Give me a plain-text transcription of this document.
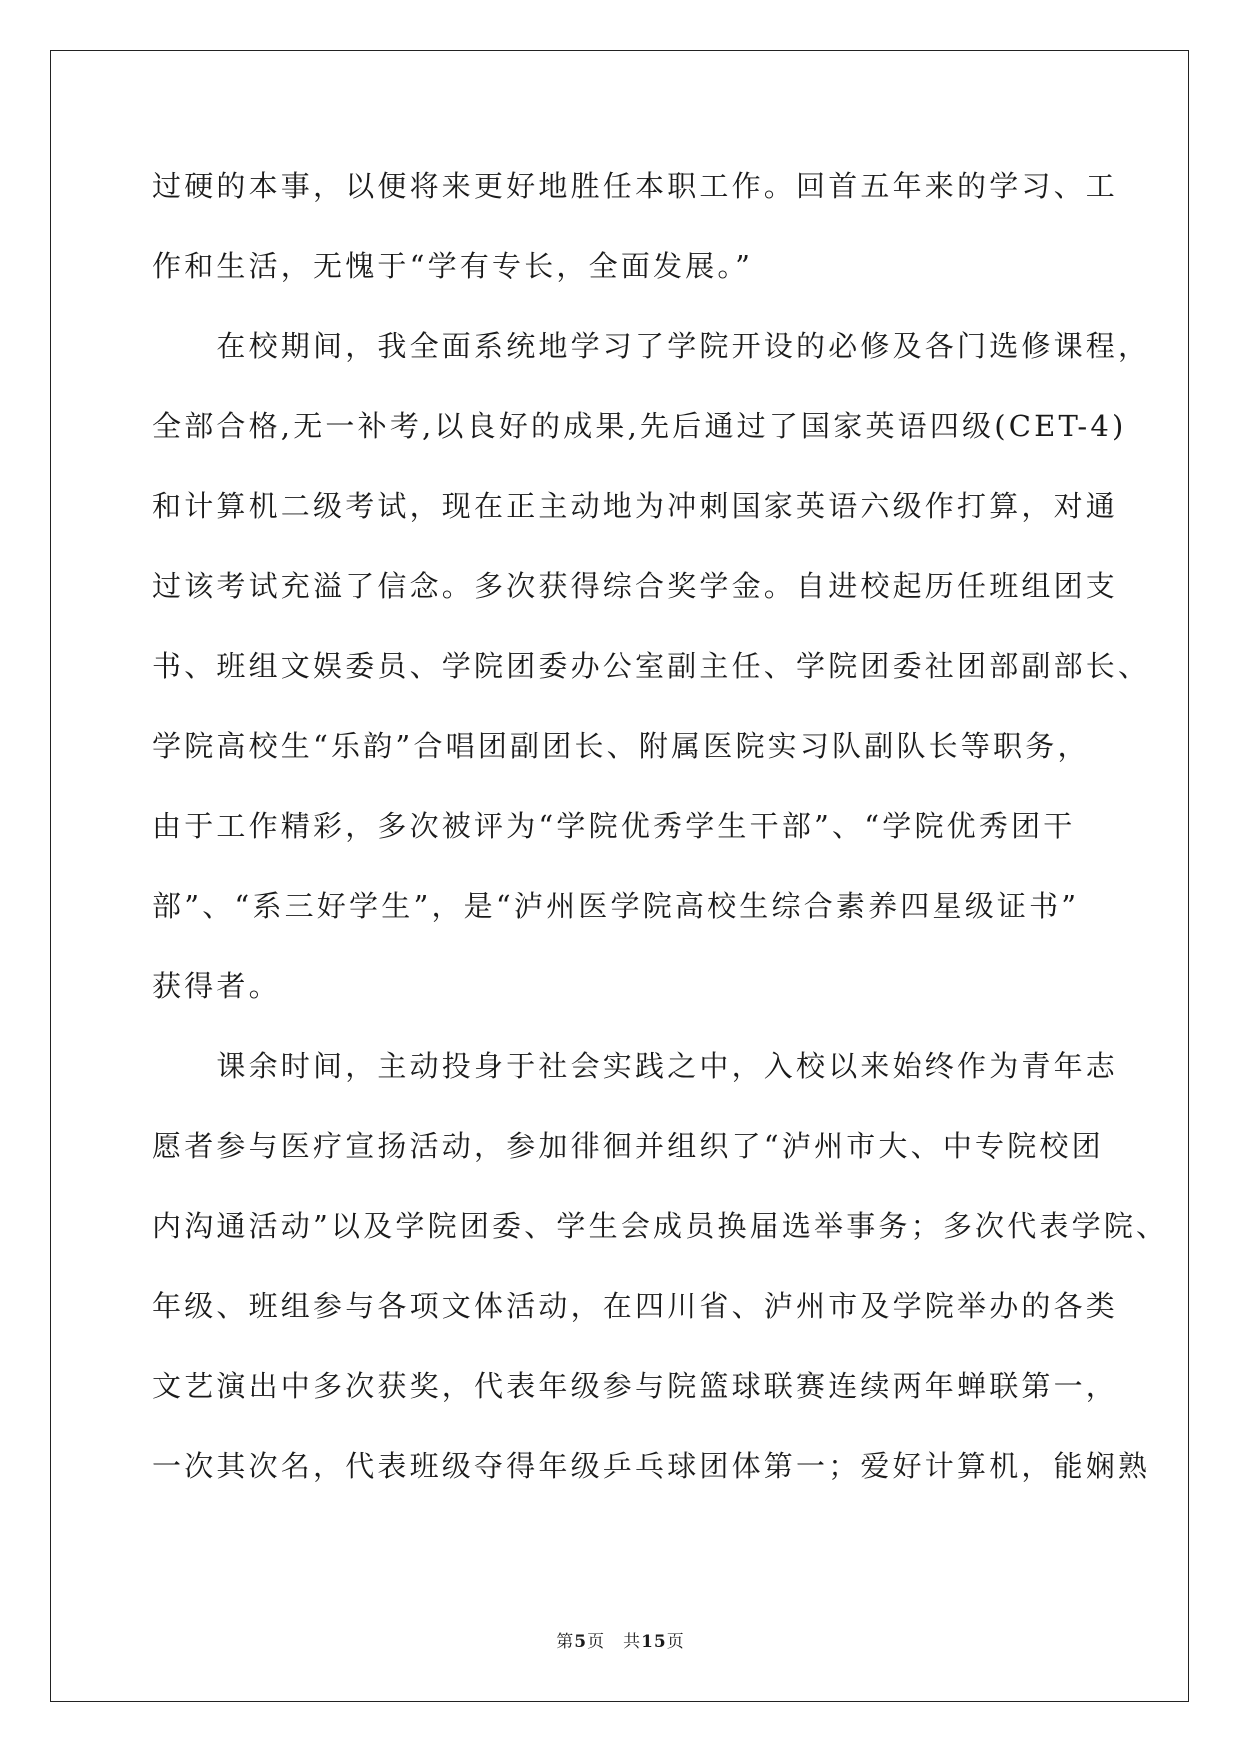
过硬的本事，以便将来更好地胜任本职工作。回首五年来的学习、工
作和生活，无愧于“学有专长，全面发展。”
　　在校期间，我全面系统地学习了学院开设的必修及各门选修课程，
全部合格,无一补考,以良好的成果,先后通过了国家英语四级(CET-4)
和计算机二级考试，现在正主动地为冲刺国家英语六级作打算，对通
过该考试充溢了信念。多次获得综合奖学金。自进校起历任班组团支
书、班组文娱委员、学院团委办公室副主任、学院团委社团部副部长、
学院高校生“乐韵”合唱团副团长、附属医院实习队副队长等职务，
由于工作精彩，多次被评为“学院优秀学生干部”、“学院优秀团干
部”、“系三好学生”，是“泸州医学院高校生综合素养四星级证书”
获得者。
　　课余时间，主动投身于社会实践之中，入校以来始终作为青年志
愿者参与医疗宣扬活动，参加徘徊并组织了“泸州市大、中专院校团
内沟通活动”以及学院团委、学生会成员换届选举事务；多次代表学院、
年级、班组参与各项文体活动，在四川省、泸州市及学院举办的各类
文艺演出中多次获奖，代表年级参与院篮球联赛连续两年蝉联第一，
一次其次名，代表班级夺得年级乒乓球团体第一；爱好计算机，能娴熟
第5页　共15页
